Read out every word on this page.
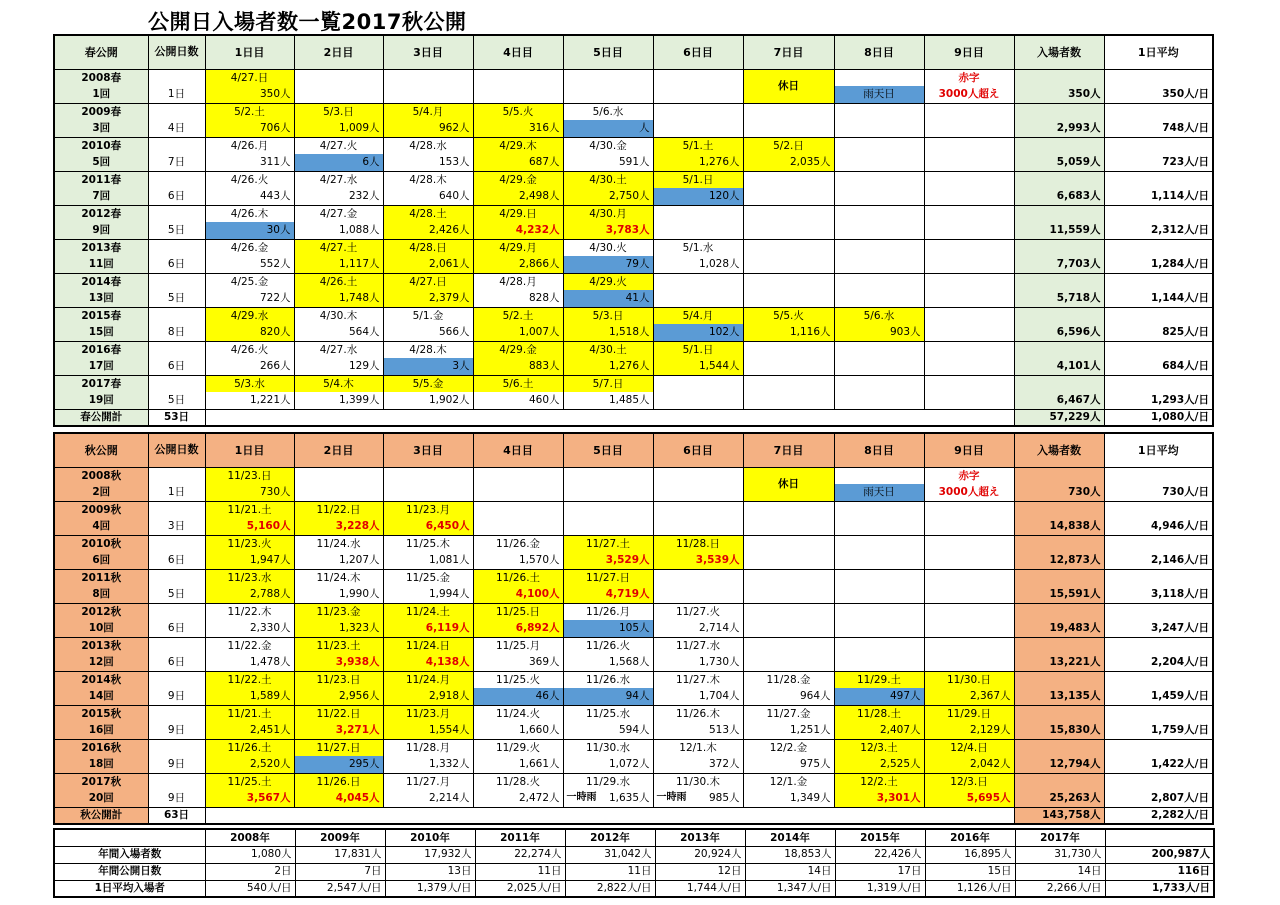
公開日入場者数一覧2017秋公開
春公開	公開日数	1日目	2日目	3日目	4日目	5日目	6日目	7日目	8日目	9日目	入場者数	1日平均
2008春		4/27.日						休日		赤字		
1回	1日	350人							雨天日	3000人超え	350人	350人/日
2009春		5/2.土	5/3.日	5/4.月	5/5.火	5/6.水						
3回	4日	706人	1,009人	962人	316人	人					2,993人	748人/日
2010春		4/26.月	4/27.火	4/28.水	4/29.木	4/30.金	5/1.土	5/2.日				
5回	7日	311人	6人	153人	687人	591人	1,276人	2,035人			5,059人	723人/日
2011春		4/26.火	4/27.水	4/28.木	4/29.金	4/30.土	5/1.日					
7回	6日	443人	232人	640人	2,498人	2,750人	120人				6,683人	1,114人/日
2012春		4/26.木	4/27.金	4/28.土	4/29.日	4/30.月						
9回	5日	30人	1,088人	2,426人	4,232人	3,783人					11,559人	2,312人/日
2013春		4/26.金	4/27.土	4/28.日	4/29.月	4/30.火	5/1.水					
11回	6日	552人	1,117人	2,061人	2,866人	79人	1,028人				7,703人	1,284人/日
2014春		4/25.金	4/26.土	4/27.日	4/28.月	4/29.火						
13回	5日	722人	1,748人	2,379人	828人	41人					5,718人	1,144人/日
2015春		4/29.水	4/30.木	5/1.金	5/2.土	5/3.日	5/4.月	5/5.火	5/6.水			
15回	8日	820人	564人	566人	1,007人	1,518人	102人	1,116人	903人		6,596人	825人/日
2016春		4/26.火	4/27.水	4/28.木	4/29.金	4/30.土	5/1.日					
17回	6日	266人	129人	3人	883人	1,276人	1,544人				4,101人	684人/日
2017春		5/3.水	5/4.木	5/5.金	5/6.土	5/7.日						
19回	5日	1,221人	1,399人	1,902人	460人	1,485人					6,467人	1,293人/日
春公開計	53日										57,229人	1,080人/日
秋公開	公開日数	1日目	2日目	3日目	4日目	5日目	6日目	7日目	8日目	9日目	入場者数	1日平均
2008秋		11/23.日						休日		赤字		
2回	1日	730人							雨天日	3000人超え	730人	730人/日
2009秋		11/21.土	11/22.日	11/23.月								
4回	3日	5,160人	3,228人	6,450人							14,838人	4,946人/日
2010秋		11/23.火	11/24.水	11/25.木	11/26.金	11/27.土	11/28.日					
6回	6日	1,947人	1,207人	1,081人	1,570人	3,529人	3,539人				12,873人	2,146人/日
2011秋		11/23.水	11/24.木	11/25.金	11/26.土	11/27.日						
8回	5日	2,788人	1,990人	1,994人	4,100人	4,719人					15,591人	3,118人/日
2012秋		11/22.木	11/23.金	11/24.土	11/25.日	11/26.月	11/27.火					
10回	6日	2,330人	1,323人	6,119人	6,892人	105人	2,714人				19,483人	3,247人/日
2013秋		11/22.金	11/23.土	11/24.日	11/25.月	11/26.火	11/27.水					
12回	6日	1,478人	3,938人	4,138人	369人	1,568人	1,730人				13,221人	2,204人/日
2014秋		11/22.土	11/23.日	11/24.月	11/25.火	11/26.水	11/27.木	11/28.金	11/29.土	11/30.日		
14回	9日	1,589人	2,956人	2,918人	46人	94人	1,704人	964人	497人	2,367人	13,135人	1,459人/日
2015秋		11/21.土	11/22.日	11/23.月	11/24.火	11/25.水	11/26.木	11/27.金	11/28.土	11/29.日		
16回	9日	2,451人	3,271人	1,554人	1,660人	594人	513人	1,251人	2,407人	2,129人	15,830人	1,759人/日
2016秋		11/26.土	11/27.日	11/28.月	11/29.火	11/30.水	12/1.木	12/2.金	12/3.土	12/4.日		
18回	9日	2,520人	295人	1,332人	1,661人	1,072人	372人	975人	2,525人	2,042人	12,794人	1,422人/日
2017秋		11/25.土	11/26.日	11/27.月	11/28.火	11/29.水	11/30.木	12/1.金	12/2.土	12/3.日		
20回	9日	3,567人	4,045人	2,214人	2,472人	一時雨 1,635人	一時雨 985人	1,349人	3,301人	5,695人	25,263人	2,807人/日
秋公開計	63日										143,758人	2,282人/日
	2008年	2009年	2010年	2011年	2012年	2013年	2014年	2015年	2016年	2017年	
年間入場者数	1,080人	17,831人	17,932人	22,274人	31,042人	20,924人	18,853人	22,426人	16,895人	31,730人	200,987人
年間公開日数	2日	7日	13日	11日	11日	12日	14日	17日	15日	14日	116日
1日平均入場者	540人/日	2,547人/日	1,379人/日	2,025人/日	2,822人/日	1,744人/日	1,347人/日	1,319人/日	1,126人/日	2,266人/日	1,733人/日
